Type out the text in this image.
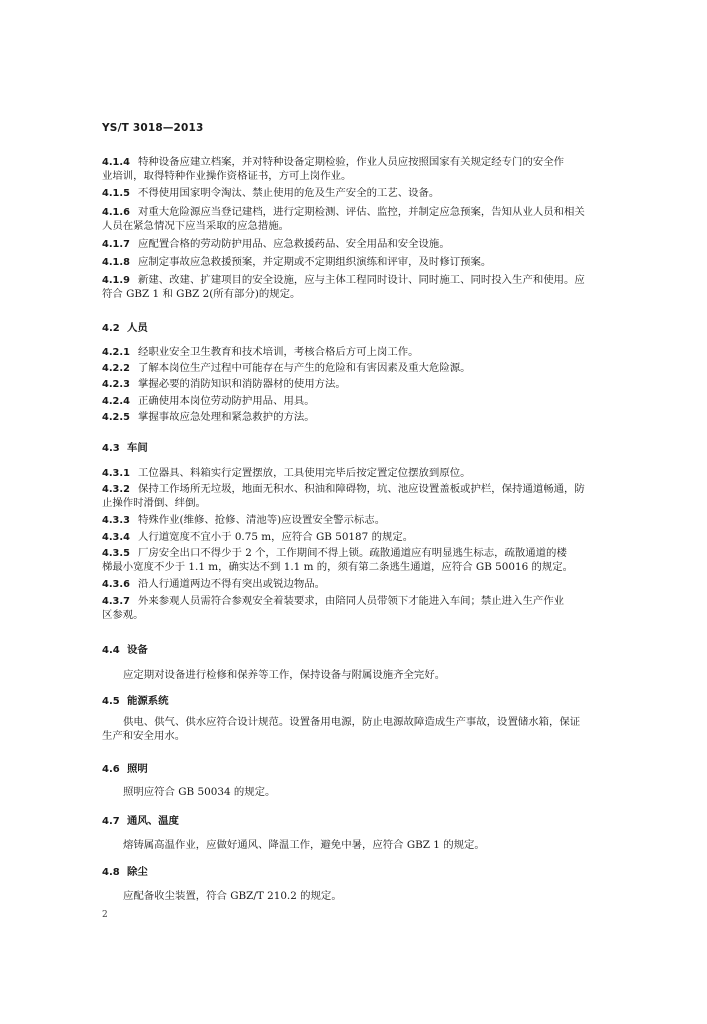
YS/T 3018—2013
4.1.4 特种设备应建立档案，并对特种设备定期检验，作业人员应按照国家有关规定经专门的安全作
业培训，取得特种作业操作资格证书，方可上岗作业。
4.1.5 不得使用国家明令淘汰、禁止使用的危及生产安全的工艺、设备。
4.1.6 对重大危险源应当登记建档，进行定期检测、评估、监控，并制定应急预案，告知从业人员和相关
人员在紧急情况下应当采取的应急措施。
4.1.7 应配置合格的劳动防护用品、应急救援药品、安全用品和安全设施。
4.1.8 应制定事故应急救援预案，并定期或不定期组织演练和评审，及时修订预案。
4.1.9 新建、改建、扩建项目的安全设施，应与主体工程同时设计、同时施工、同时投入生产和使用。应
符合 GBZ 1 和 GBZ 2(所有部分)的规定。
4.2 人员
4.2.1 经职业安全卫生教育和技术培训，考核合格后方可上岗工作。
4.2.2 了解本岗位生产过程中可能存在与产生的危险和有害因素及重大危险源。
4.2.3 掌握必要的消防知识和消防器材的使用方法。
4.2.4 正确使用本岗位劳动防护用品、用具。
4.2.5 掌握事故应急处理和紧急救护的方法。
4.3 车间
4.3.1 工位器具、料箱实行定置摆放，工具使用完毕后按定置定位摆放到原位。
4.3.2 保持工作场所无垃圾，地面无积水、积油和障碍物，坑、池应设置盖板或护栏，保持通道畅通，防
止操作时滑倒、绊倒。
4.3.3 特殊作业(维修、抢修、清池等)应设置安全警示标志。
4.3.4 人行道宽度不宜小于 0.75 m，应符合 GB 50187 的规定。
4.3.5 厂房安全出口不得少于 2 个，工作期间不得上锁。疏散通道应有明显逃生标志，疏散通道的楼
梯最小宽度不少于 1.1 m，确实达不到 1.1 m 的，须有第二条逃生通道，应符合 GB 50016 的规定。
4.3.6 沿人行通道两边不得有突出或锐边物品。
4.3.7 外来参观人员需符合参观安全着装要求，由陪同人员带领下才能进入车间；禁止进入生产作业
区参观。
4.4 设备
应定期对设备进行检修和保养等工作，保持设备与附属设施齐全完好。
4.5 能源系统
供电、供气、供水应符合设计规范。设置备用电源，防止电源故障造成生产事故，设置储水箱，保证
生产和安全用水。
4.6 照明
照明应符合 GB 50034 的规定。
4.7 通风、温度
熔铸属高温作业，应做好通风、降温工作，避免中暑，应符合 GBZ 1 的规定。
4.8 除尘
应配备收尘装置，符合 GBZ/T 210.2 的规定。
2
